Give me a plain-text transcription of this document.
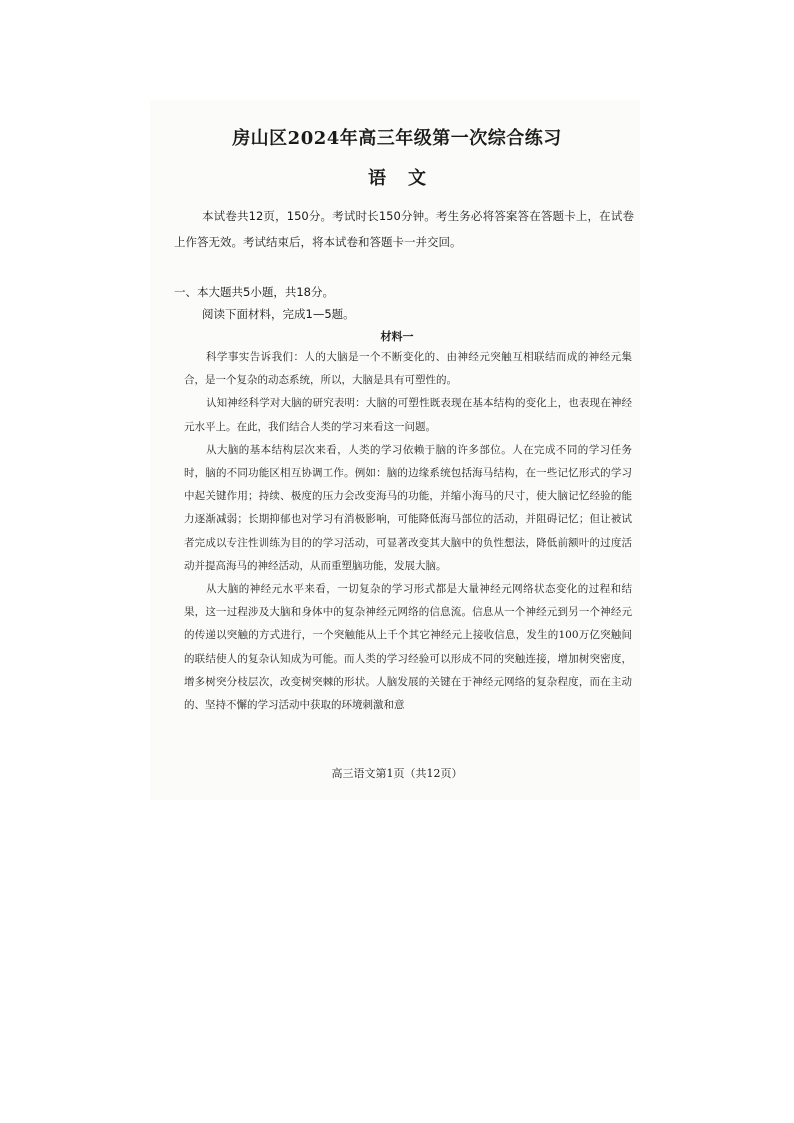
房山区2024年高三年级第一次综合练习
语文
本试卷共12页，150分。考试时长150分钟。考生务必将答案答在答题卡上，在试卷上作答无效。考试结束后，将本试卷和答题卡一并交回。
一、本大题共5小题，共18分。
阅读下面材料，完成1—5题。
材料一

科学事实告诉我们：人的大脑是一个不断变化的、由神经元突触互相联结而成的神经元集合，是一个复杂的动态系统，所以，大脑是具有可塑性的。

认知神经科学对大脑的研究表明：大脑的可塑性既表现在基本结构的变化上，也表现在神经元水平上。在此，我们结合人类的学习来看这一问题。

从大脑的基本结构层次来看，人类的学习依赖于脑的许多部位。人在完成不同的学习任务时，脑的不同功能区相互协调工作。例如：脑的边缘系统包括海马结构，在一些记忆形式的学习中起关键作用；持续、极度的压力会改变海马的功能，并缩小海马的尺寸，使大脑记忆经验的能力逐渐减弱；长期抑郁也对学习有消极影响，可能降低海马部位的活动，并阻碍记忆；但让被试者完成以专注性训练为目的的学习活动，可显著改变其大脑中的负性想法，降低前额叶的过度活动并提高海马的神经活动，从而重塑脑功能，发展大脑。

从大脑的神经元水平来看，一切复杂的学习形式都是大量神经元网络状态变化的过程和结果，这一过程涉及大脑和身体中的复杂神经元网络的信息流。信息从一个神经元到另一个神经元的传递以突触的方式进行，一个突触能从上千个其它神经元上接收信息，发生的100万亿突触间的联结使人的复杂认知成为可能。而人类的学习经验可以形成不同的突触连接，增加树突密度，增多树突分枝层次，改变树突棘的形状。人脑发展的关键在于神经元网络的复杂程度，而在主动的、坚持不懈的学习活动中获取的环境刺激和意

高三语文第1页（共12页）
